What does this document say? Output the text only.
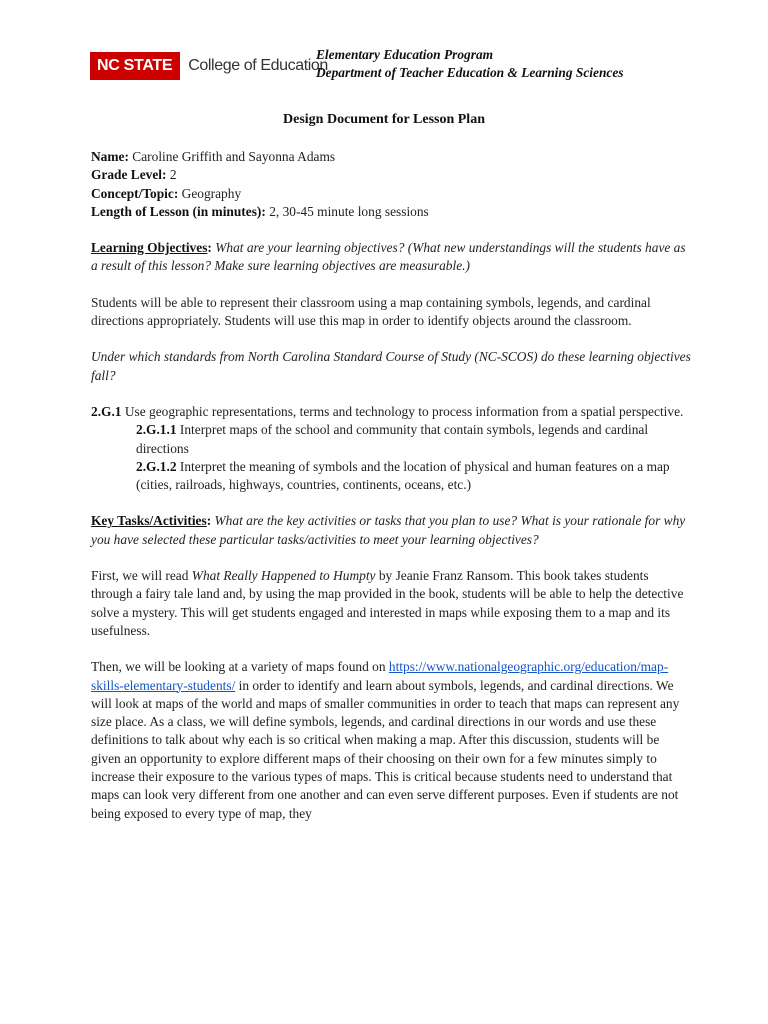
NC STATE	College of Education
Elementary Education Program
Department of Teacher Education & Learning Sciences
Design Document for Lesson Plan

Name: Caroline Griffith and Sayonna Adams

Grade Level: 2

Concept/Topic: Geography

Length of Lesson (in minutes): 2, 30-45 minute long sessions

Learning Objectives: What are your learning objectives? (What new understandings will the students have as a result of this lesson? Make sure learning objectives are measurable.)

Students will be able to represent their classroom using a map containing symbols, legends, and cardinal directions appropriately. Students will use this map in order to identify objects around the classroom.

Under which standards from North Carolina Standard Course of Study (NC-SCOS) do these learning objectives fall?

2.G.1 Use geographic representations, terms and technology to process information from a spatial perspective.

2.G.1.1 Interpret maps of the school and community that contain symbols, legends and cardinal directions

2.G.1.2 Interpret the meaning of symbols and the location of physical and human features on a map (cities, railroads, highways, countries, continents, oceans, etc.)

Key Tasks/Activities: What are the key activities or tasks that you plan to use? What is your rationale for why you have selected these particular tasks/activities to meet your learning objectives?

First, we will read What Really Happened to Humpty by Jeanie Franz Ransom. This book takes students through a fairy tale land and, by using the map provided in the book, students will be able to help the detective solve a mystery. This will get students engaged and interested in maps while exposing them to a map and its usefulness.

Then, we will be looking at a variety of maps found on https://www.nationalgeographic.org/education/map-skills-elementary-students/ in order to identify and learn about symbols, legends, and cardinal directions. We will look at maps of the world and maps of smaller communities in order to teach that maps can represent any size place. As a class, we will define symbols, legends, and cardinal directions in our words and use these definitions to talk about why each is so critical when making a map. After this discussion, students will be given an opportunity to explore different maps of their choosing on their own for a few minutes simply to increase their exposure to the various types of maps. This is critical because students need to understand that maps can look very different from one another and can even serve different purposes. Even if students are not being exposed to every type of map, they
